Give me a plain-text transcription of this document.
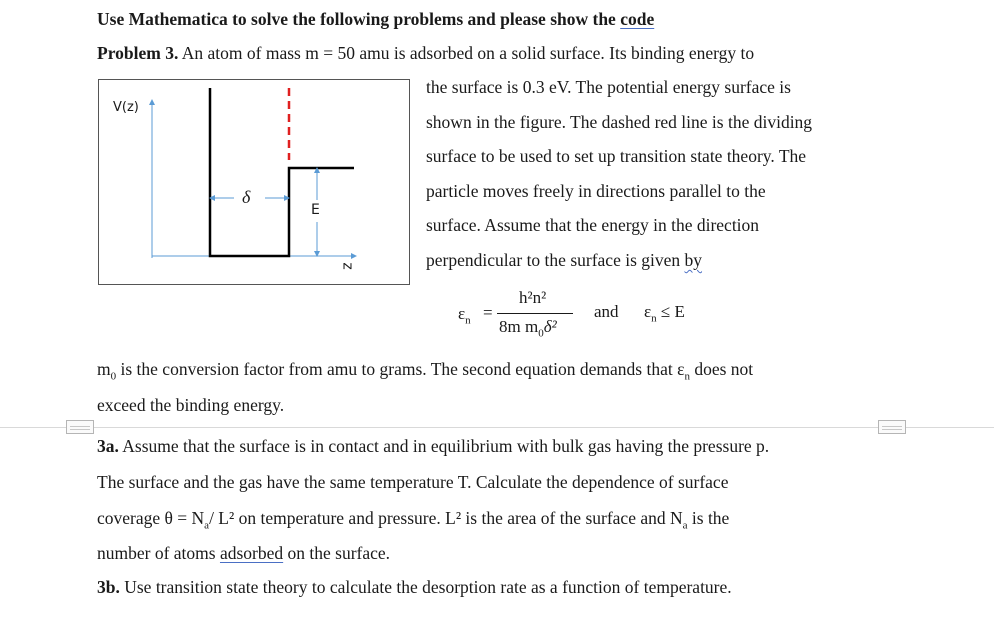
Use Mathematica to solve the following problems and please show the code
Problem 3. An atom of mass m = 50 amu is adsorbed on a solid surface. Its binding energy to
the surface is 0.3 eV. The potential energy surface is
shown in the figure. The dashed red line is the dividing
surface to be used to set up transition state theory. The
particle moves freely in directions parallel to the
surface. Assume that the energy in the direction
perpendicular to the surface is given by
V(z)
δ
E
z
$\varepsilon_n$ =
h²n²
8m $m_0\delta^2$
and $\varepsilon_n \le E$
$m_0$ is the conversion factor from amu to grams. The second equation demands that $\varepsilon_n$ does not
exceed the binding energy.
3a. Assume that the surface is in contact and in equilibrium with bulk gas having the pressure p.
The surface and the gas have the same temperature T. Calculate the dependence of surface
coverage $\theta = N_a/$ L² on temperature and pressure. L² is the area of the surface and $N_a$ is the
number of atoms adsorbed on the surface.
3b. Use transition state theory to calculate the desorption rate as a function of temperature.
